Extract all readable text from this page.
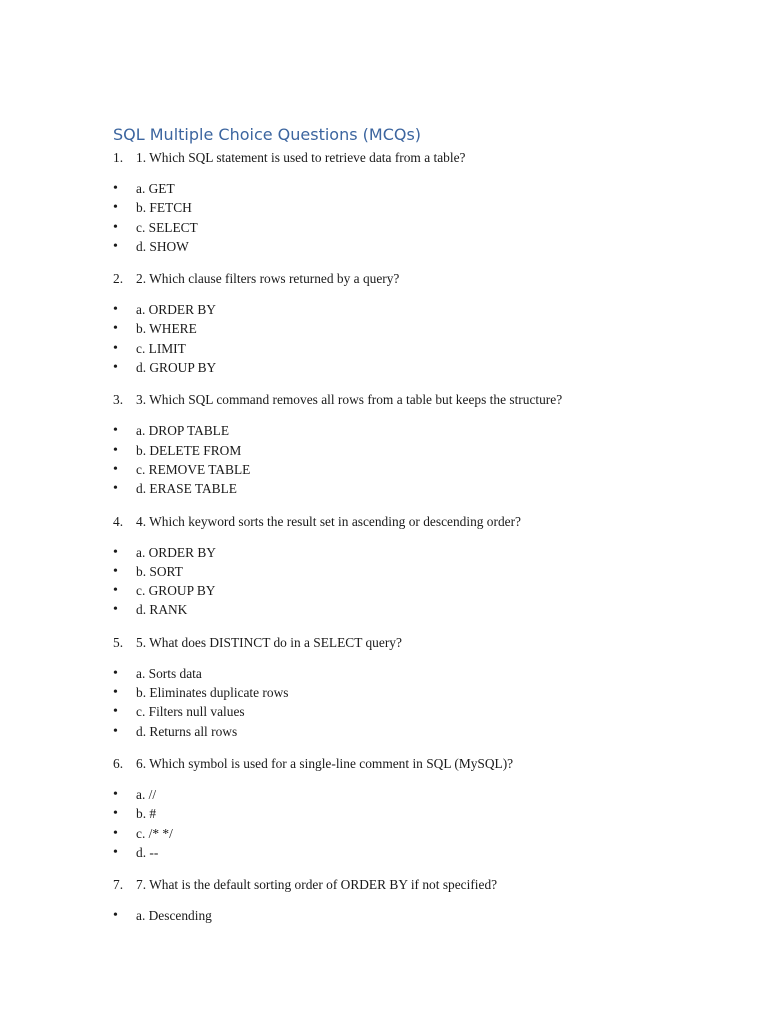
SQL Multiple Choice Questions (MCQs)
1. 1. Which SQL statement is used to retrieve data from a table?
• a. GET
• b. FETCH
• c. SELECT
• d. SHOW
2. 2. Which clause filters rows returned by a query?
• a. ORDER BY
• b. WHERE
• c. LIMIT
• d. GROUP BY
3. 3. Which SQL command removes all rows from a table but keeps the structure?
• a. DROP TABLE
• b. DELETE FROM
• c. REMOVE TABLE
• d. ERASE TABLE
4. 4. Which keyword sorts the result set in ascending or descending order?
• a. ORDER BY
• b. SORT
• c. GROUP BY
• d. RANK
5. 5. What does DISTINCT do in a SELECT query?
• a. Sorts data
• b. Eliminates duplicate rows
• c. Filters null values
• d. Returns all rows
6. 6. Which symbol is used for a single-line comment in SQL (MySQL)?
• a. //
• b. #
• c. /* */
• d. --
7. 7. What is the default sorting order of ORDER BY if not specified?
• a. Descending
